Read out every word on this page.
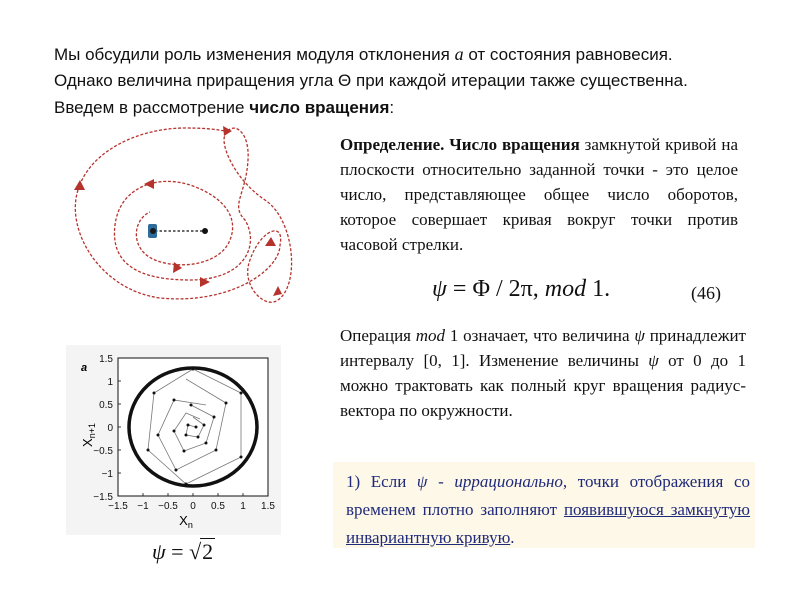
Мы обсудили роль изменения модуля отклонения a от состояния равновесия.
Однако величина приращения угла Θ при каждой итерации также существенна.
Введем в рассмотрение число вращения:
Определение. Число вращения замкнутой кривой на плоскости относительно заданной точки - это целое число, представляющее общее число оборотов, которое совершает кривая вокруг точки против часовой стрелки.
ψ = Φ / 2π, mod 1.	(46)
Операция mod 1 означает, что величина ψ принадлежит интервалу [0, 1]. Изменение величины ψ от 0 до 1 можно трактовать как полный круг вращения радиус-вектора по окружности.
1) Если ψ - иррационально, точки отображения со временем плотно заполняют появившуюся замкнутую инвариантную кривую.
a
1.5
1
0.5
0
−0.5
−1
−1.5
−1.5 −1 −0.5 0 0.5 1 1.5
$X_n$
$X_{n+1}$
ψ = √2
